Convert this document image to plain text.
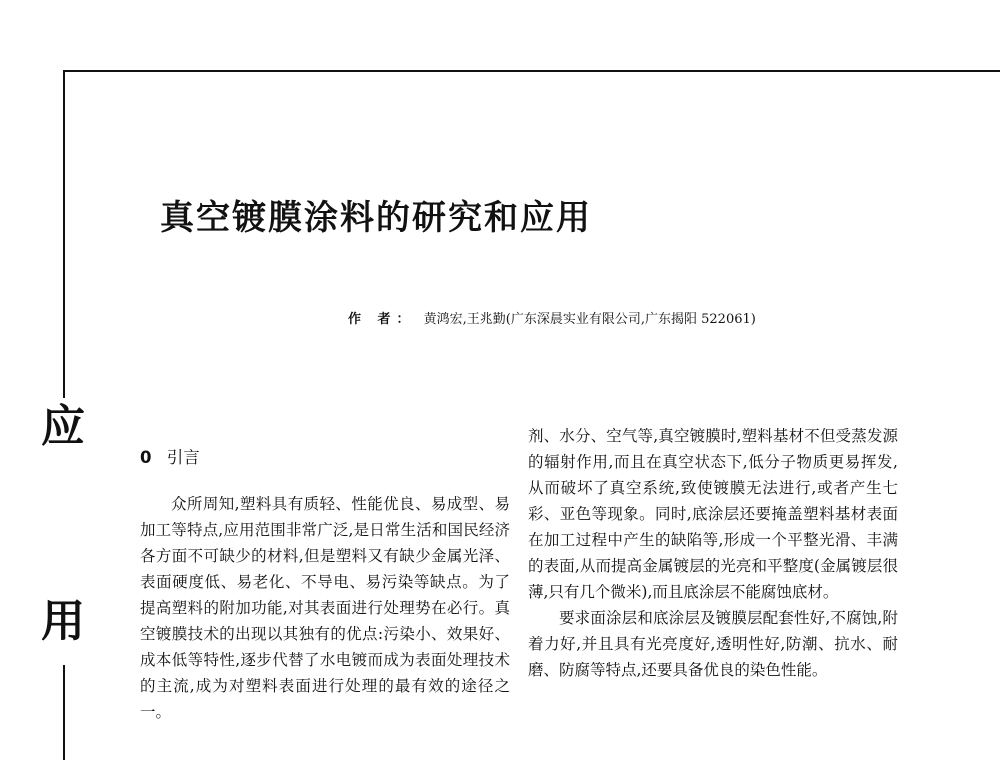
应
用
真空镀膜涂料的研究和应用
作 者： 黄鸿宏,王兆勤(广东深晨实业有限公司,广东揭阳 522061)
0 引言

众所周知,塑料具有质轻、性能优良、易成型、易加工等特点,应用范围非常广泛,是日常生活和国民经济各方面不可缺少的材料,但是塑料又有缺少金属光泽、表面硬度低、易老化、不导电、易污染等缺点。为了提高塑料的附加功能,对其表面进行处理势在必行。真空镀膜技术的出现以其独有的优点:污染小、效果好、成本低等特性,逐步代替了水电镀而成为表面处理技术的主流,成为对塑料表面进行处理的最有效的途径之一。

剂、水分、空气等,真空镀膜时,塑料基材不但受蒸发源的辐射作用,而且在真空状态下,低分子物质更易挥发,从而破坏了真空系统,致使镀膜无法进行,或者产生七彩、亚色等现象。同时,底涂层还要掩盖塑料基材表面在加工过程中产生的缺陷等,形成一个平整光滑、丰满的表面,从而提高金属镀层的光亮和平整度(金属镀层很薄,只有几个微米),而且底涂层不能腐蚀底材。

要求面涂层和底涂层及镀膜层配套性好,不腐蚀,附着力好,并且具有光亮度好,透明性好,防潮、抗水、耐磨、防腐等特点,还要具备优良的染色性能。
